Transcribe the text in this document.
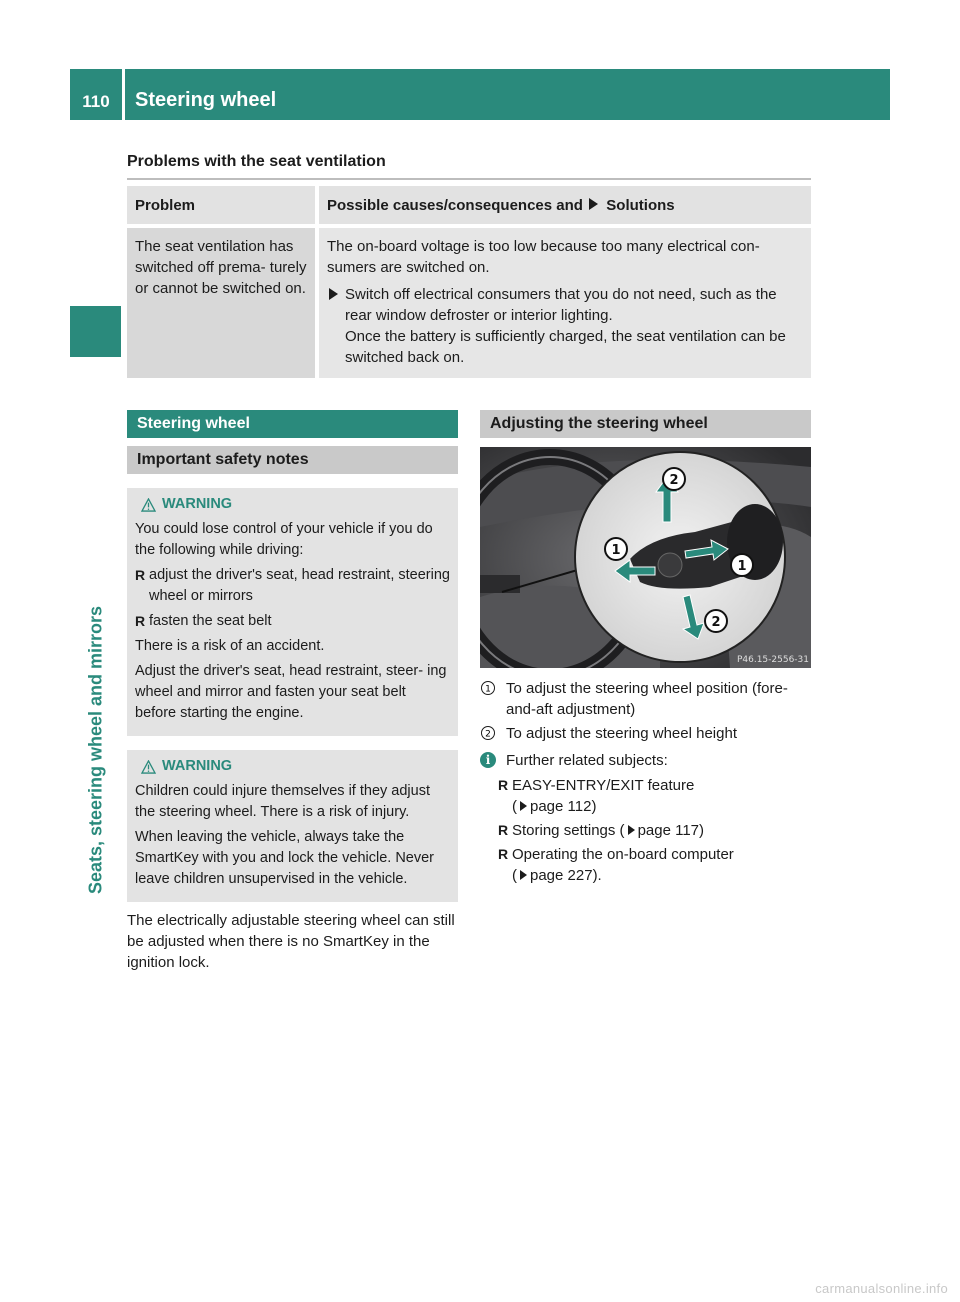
110	Steering wheel
Seats, steering wheel and mirrors
Problems with the seat ventilation
Problem	Possible causes/consequences and Solutions
The seat ventilation has switched off prema- turely or cannot be switched on.	The on-board voltage is too low because too many electrical con- sumers are switched on.
Switch off electrical consumers that you do not need, such as the rear window defroster or interior lighting.
Once the battery is sufficiently charged, the seat ventilation can be switched back on.
Steering wheel
Important safety notes
WARNING

You could lose control of your vehicle if you do the following while driving:

R adjust the driver's seat, head restraint, steering wheel or mirrors
R fasten the seat belt

There is a risk of an accident.

Adjust the driver's seat, head restraint, steer- ing wheel and mirror and fasten your seat belt before starting the engine.

WARNING

Children could injure themselves if they adjust the steering wheel. There is a risk of injury.

When leaving the vehicle, always take the SmartKey with you and lock the vehicle. Never leave children unsupervised in the vehicle.

The electrically adjustable steering wheel can still be adjusted when there is no SmartKey in the ignition lock.
Adjusting the steering wheel
2
1
1
2
P46.15-2556-31
1 To adjust the steering wheel position (fore-and-aft adjustment)
2 To adjust the steering wheel height
i	Further related subjects:
R EASY-ENTRY/EXIT feature
( page 112)
R Storing settings ( page 117)
R Operating the on-board computer
( page 227).
carmanualsonline.info
